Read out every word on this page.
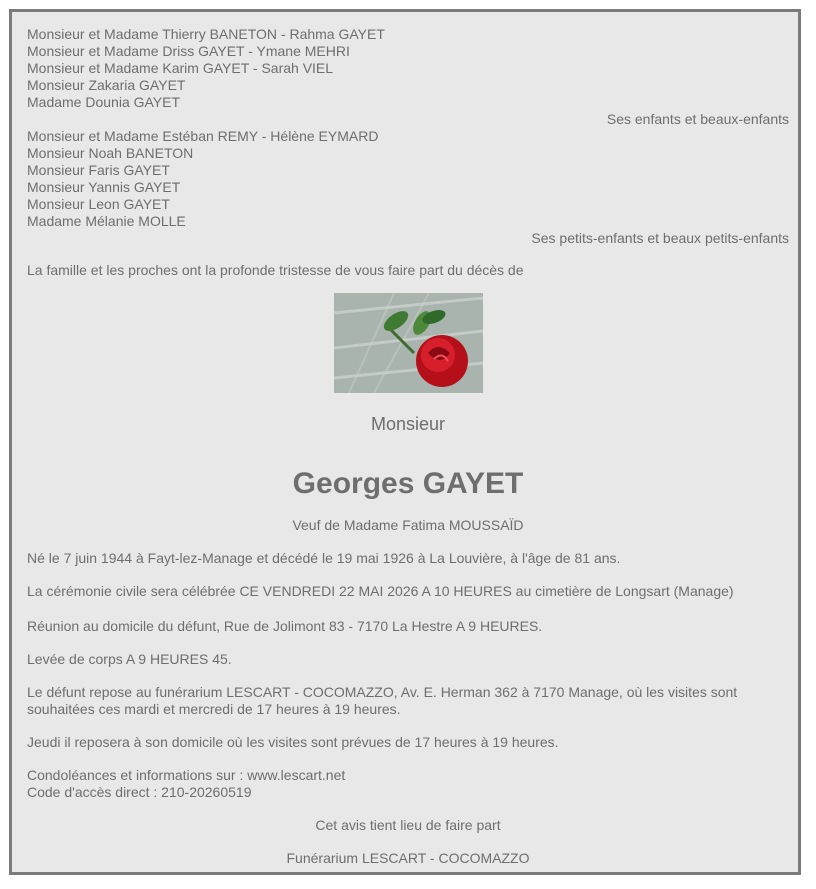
Monsieur et Madame Thierry BANETON - Rahma GAYET
Monsieur et Madame Driss GAYET - Ymane MEHRI
Monsieur et Madame Karim GAYET - Sarah VIEL
Monsieur Zakaria GAYET
Madame Dounia GAYET
Ses enfants et beaux-enfants
Monsieur et Madame Estéban REMY - Hélène EYMARD
Monsieur Noah BANETON
Monsieur Faris GAYET
Monsieur Yannis GAYET
Monsieur Leon GAYET
Madame Mélanie MOLLE
Ses petits-enfants et beaux petits-enfants
La famille et les proches ont la profonde tristesse de vous faire part du décès de
Monsieur
Georges GAYET
Veuf de Madame Fatima MOUSSAÏD
Né le 7 juin 1944 à Fayt-lez-Manage et décédé le 19 mai 1926 à La Louvière, à l'âge de 81 ans.
La cérémonie civile sera célébrée CE VENDREDI 22 MAI 2026 A 10 HEURES au cimetière de Longsart (Manage)
Réunion au domicile du défunt, Rue de Jolimont 83 - 7170 La Hestre A 9 HEURES.
Levée de corps A 9 HEURES 45.
Le défunt repose au funérarium LESCART - COCOMAZZO, Av. E. Herman 362 à 7170 Manage, où les visites sont
souhaitées ces mardi et mercredi de 17 heures à 19 heures.
Jeudi il reposera à son domicile où les visites sont prévues de 17 heures à 19 heures.
Condoléances et informations sur : www.lescart.net
Code d'accès direct : 210-20260519
Cet avis tient lieu de faire part
Funérarium LESCART - COCOMAZZO
